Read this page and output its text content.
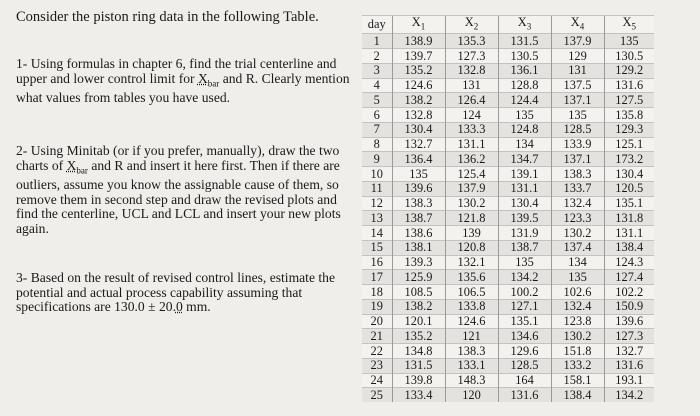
Consider the piston ring data in the following Table.
1- Using formulas in chapter 6, find the trial centerline and upper and lower control limit for $X_{bar}$ and R. Clearly mention what values from tables you have used.
2- Using Minitab (or if you prefer, manually), draw the two charts of $X_{bar}$ and R and insert it here first. Then if there are outliers, assume you know the assignable cause of them, so remove them in second step and draw the revised plots and find the centerline, UCL and LCL and insert your new plots again.
3- Based on the result of revised control lines, estimate the potential and actual process capability assuming that specifications are 130.0 ± 20.0 mm.
day	$X_1$	$X_2$	$X_3$	$X_4$	$X_5$
1	138.9	135.3	131.5	137.9	135
2	139.7	127.3	130.5	129	130.5
3	135.2	132.8	136.1	131	129.2
4	124.6	131	128.8	137.5	131.6
5	138.2	126.4	124.4	137.1	127.5
6	132.8	124	135	135	135.8
7	130.4	133.3	124.8	128.5	129.3
8	132.7	131.1	134	133.9	125.1
9	136.4	136.2	134.7	137.1	173.2
10	135	125.4	139.1	138.3	130.4
11	139.6	137.9	131.1	133.7	120.5
12	138.3	130.2	130.4	132.4	135.1
13	138.7	121.8	139.5	123.3	131.8
14	138.6	139	131.9	130.2	131.1
15	138.1	120.8	138.7	137.4	138.4
16	139.3	132.1	135	134	124.3
17	125.9	135.6	134.2	135	127.4
18	108.5	106.5	100.2	102.6	102.2
19	138.2	133.8	127.1	132.4	150.9
20	120.1	124.6	135.1	123.8	139.6
21	135.2	121	134.6	130.2	127.3
22	134.8	138.3	129.6	151.8	132.7
23	131.5	133.1	128.5	133.2	131.6
24	139.8	148.3	164	158.1	193.1
25	133.4	120	131.6	138.4	134.2
